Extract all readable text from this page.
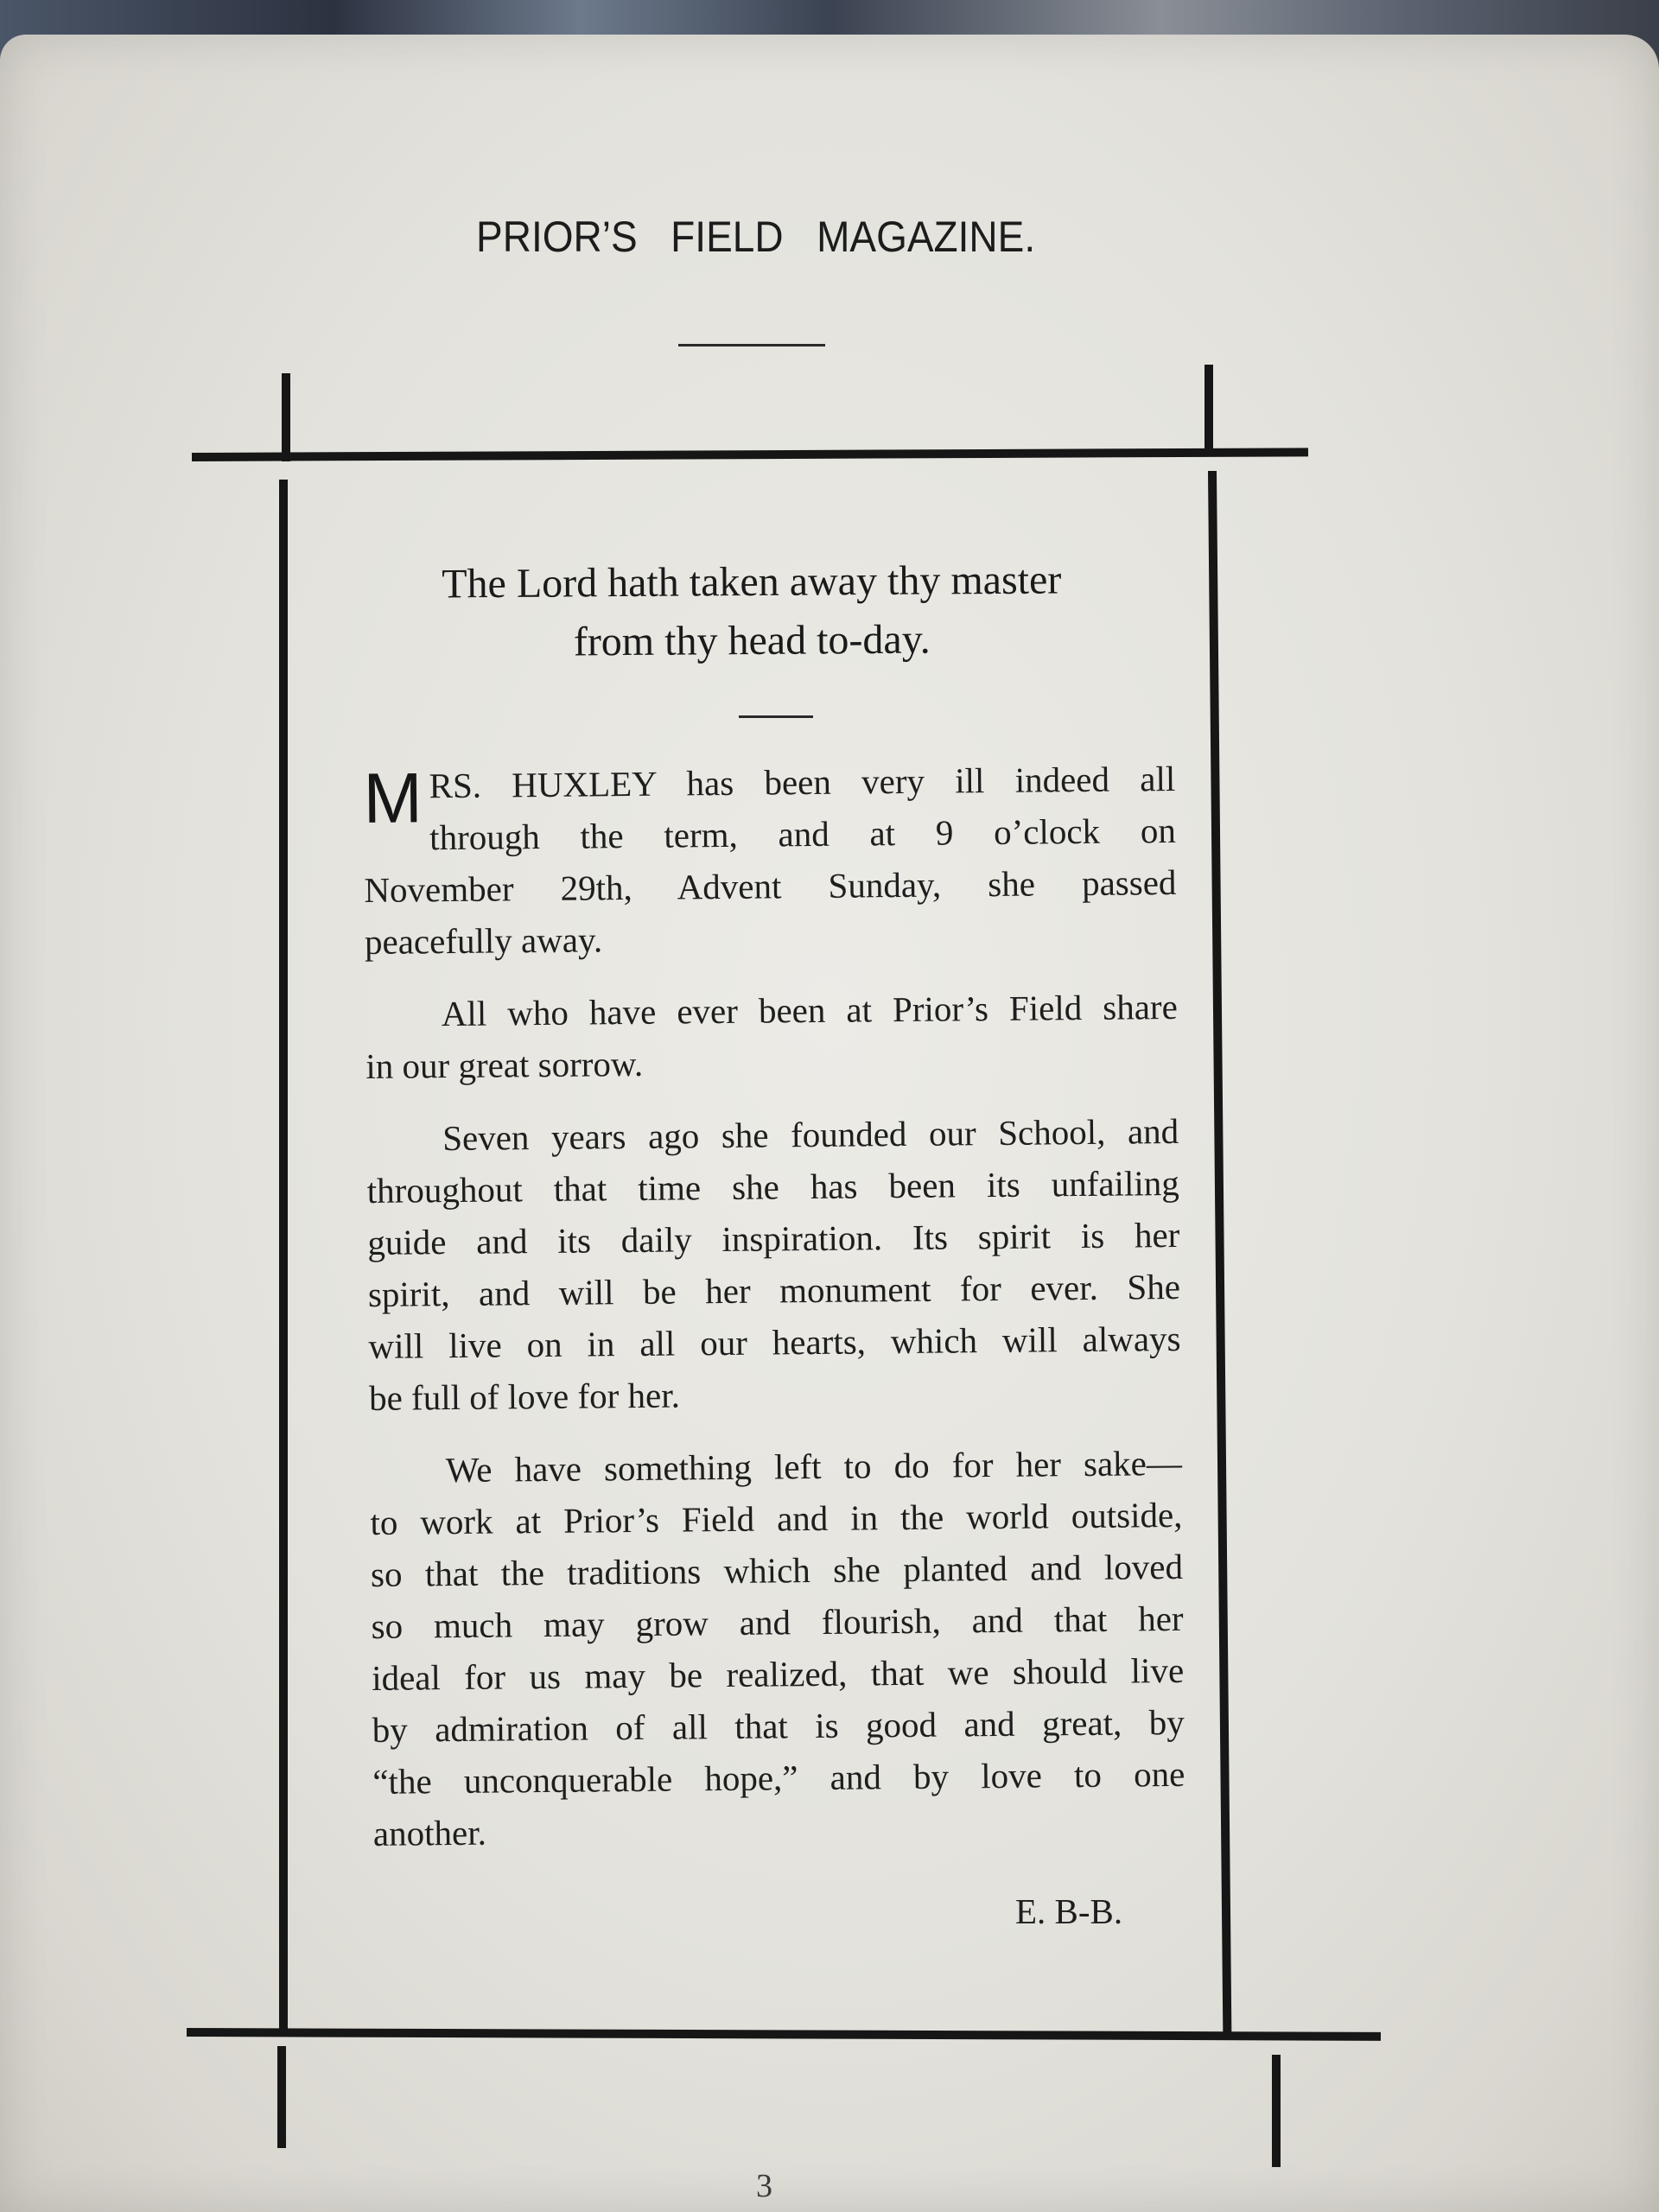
PRIOR’S FIELD MAGAZINE.
The Lord hath taken away thy master
from thy head to-day.
M RS. HUXLEY has been very ill indeed all
through the term, and at 9 o’clock on
November 29th, Advent Sunday, she passed
peacefully away.
All who have ever been at Prior’s Field share
in our great sorrow.
Seven years ago she founded our School, and
throughout that time she has been its unfailing
guide and its daily inspiration. Its spirit is her
spirit, and will be her monument for ever. She
will live on in all our hearts, which will always
be full of love for her.
We have something left to do for her sake—
to work at Prior’s Field and in the world outside,
so that the traditions which she planted and loved
so much may grow and flourish, and that her
ideal for us may be realized, that we should live
by admiration of all that is good and great, by
“the unconquerable hope,” and by love to one
another.
E. B-B.
3
